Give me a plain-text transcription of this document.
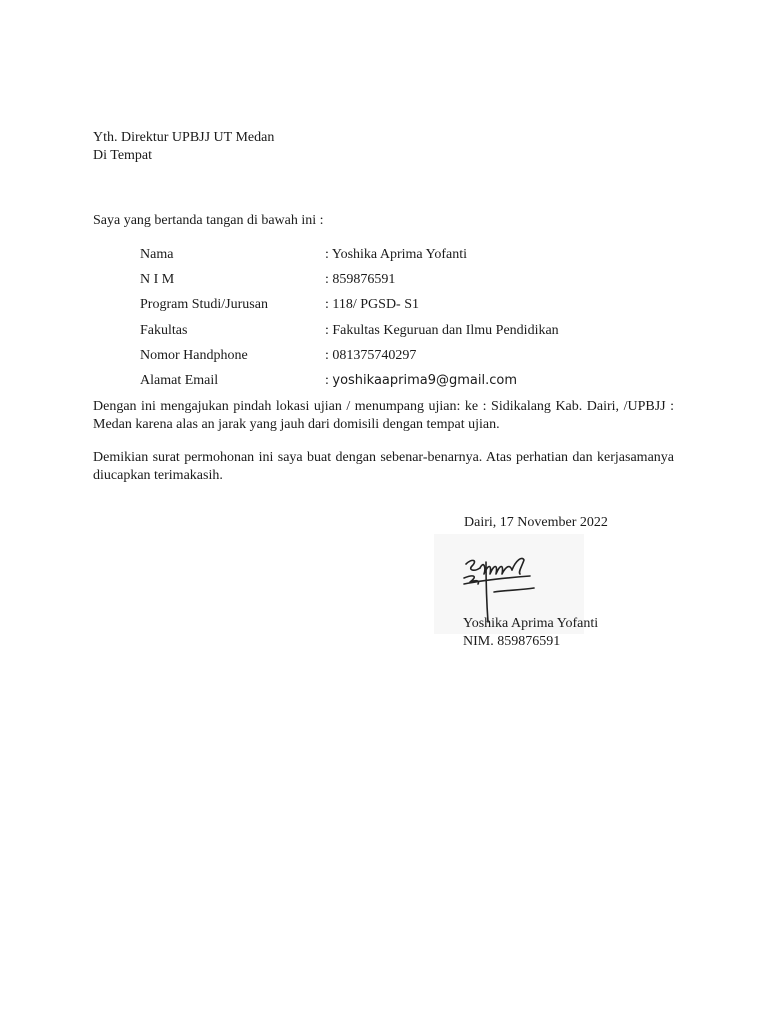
Yth. Direktur UPBJJ UT Medan
Di Tempat
Saya yang bertanda tangan di bawah ini :
Nama	: Yoshika Aprima Yofanti
N I M	: 859876591
Program Studi/Jurusan	: 118/ PGSD- S1
Fakultas	: Fakultas Keguruan dan Ilmu Pendidikan
Nomor Handphone	: 081375740297
Alamat Email	: yoshikaaprima9@gmail.com
Dengan ini mengajukan pindah lokasi ujian / menumpang ujian: ke : Sidikalang Kab. Dairi, /UPBJJ : Medan karena alas an jarak yang jauh dari domisili dengan tempat ujian.
Demikian surat permohonan ini saya buat dengan sebenar-benarnya. Atas perhatian dan kerjasamanya diucapkan terimakasih.
Dairi, 17 November 2022
Yoshika Aprima Yofanti
NIM. 859876591
